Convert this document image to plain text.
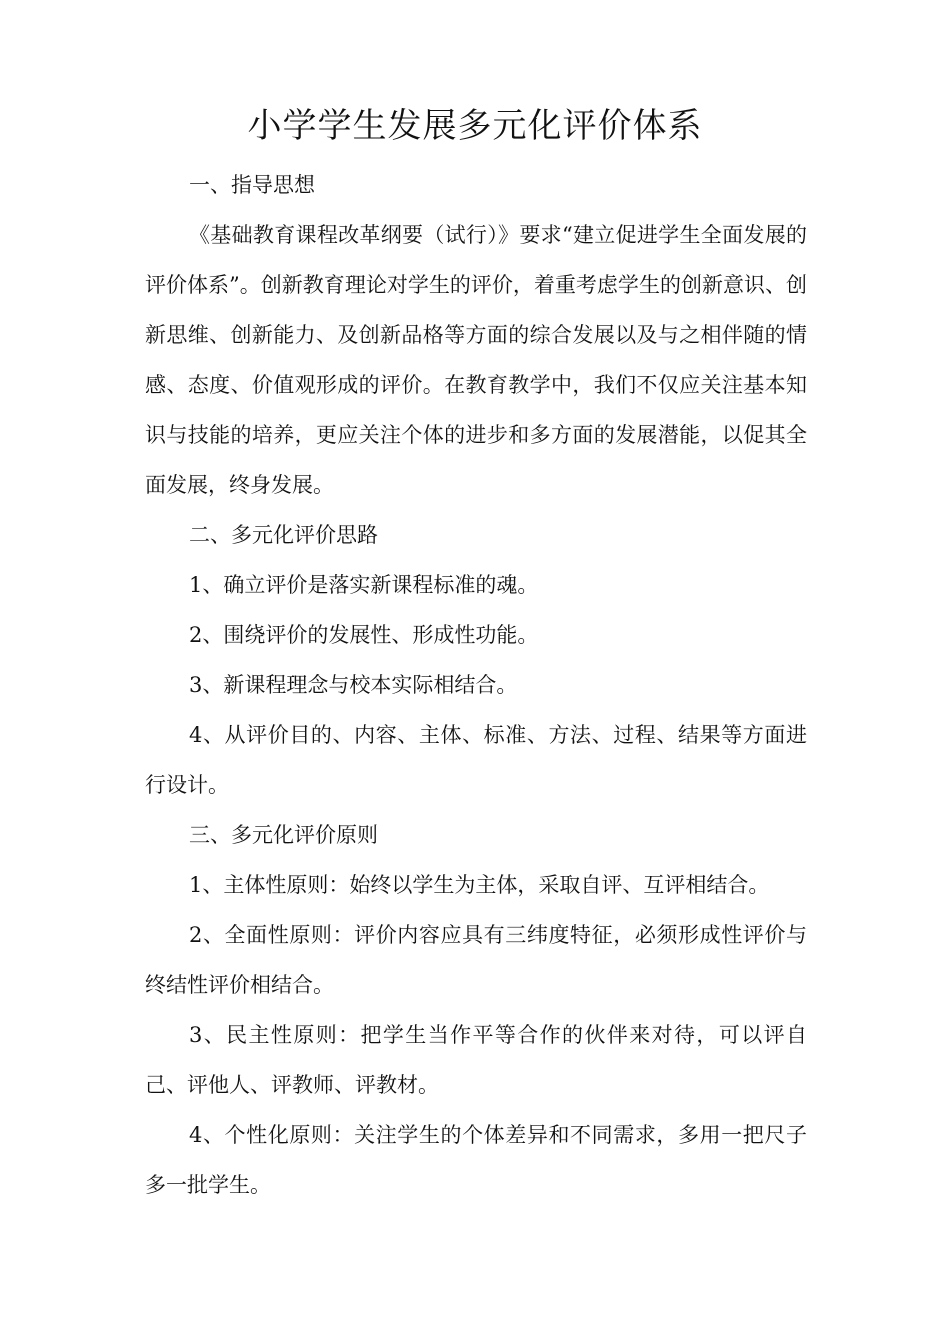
小学学生发展多元化评价体系

一、指导思想

《基础教育课程改革纲要（试行）》要求“建立促进学生全面发展的评价体系”。创新教育理论对学生的评价，着重考虑学生的创新意识、创新思维、创新能力、及创新品格等方面的综合发展以及与之相伴随的情感、态度、价值观形成的评价。在教育教学中，我们不仅应关注基本知识与技能的培养，更应关注个体的进步和多方面的发展潜能，以促其全面发展，终身发展。

二、多元化评价思路

1、确立评价是落实新课程标准的魂。

2、围绕评价的发展性、形成性功能。

3、新课程理念与校本实际相结合。

4、从评价目的、内容、主体、标准、方法、过程、结果等方面进行设计。

三、多元化评价原则

1、主体性原则：始终以学生为主体，采取自评、互评相结合。

2、全面性原则：评价内容应具有三纬度特征，必须形成性评价与终结性评价相结合。

3、民主性原则：把学生当作平等合作的伙伴来对待，可以评自己、评他人、评教师、评教材。

4、个性化原则：关注学生的个体差异和不同需求，多用一把尺子多一批学生。
